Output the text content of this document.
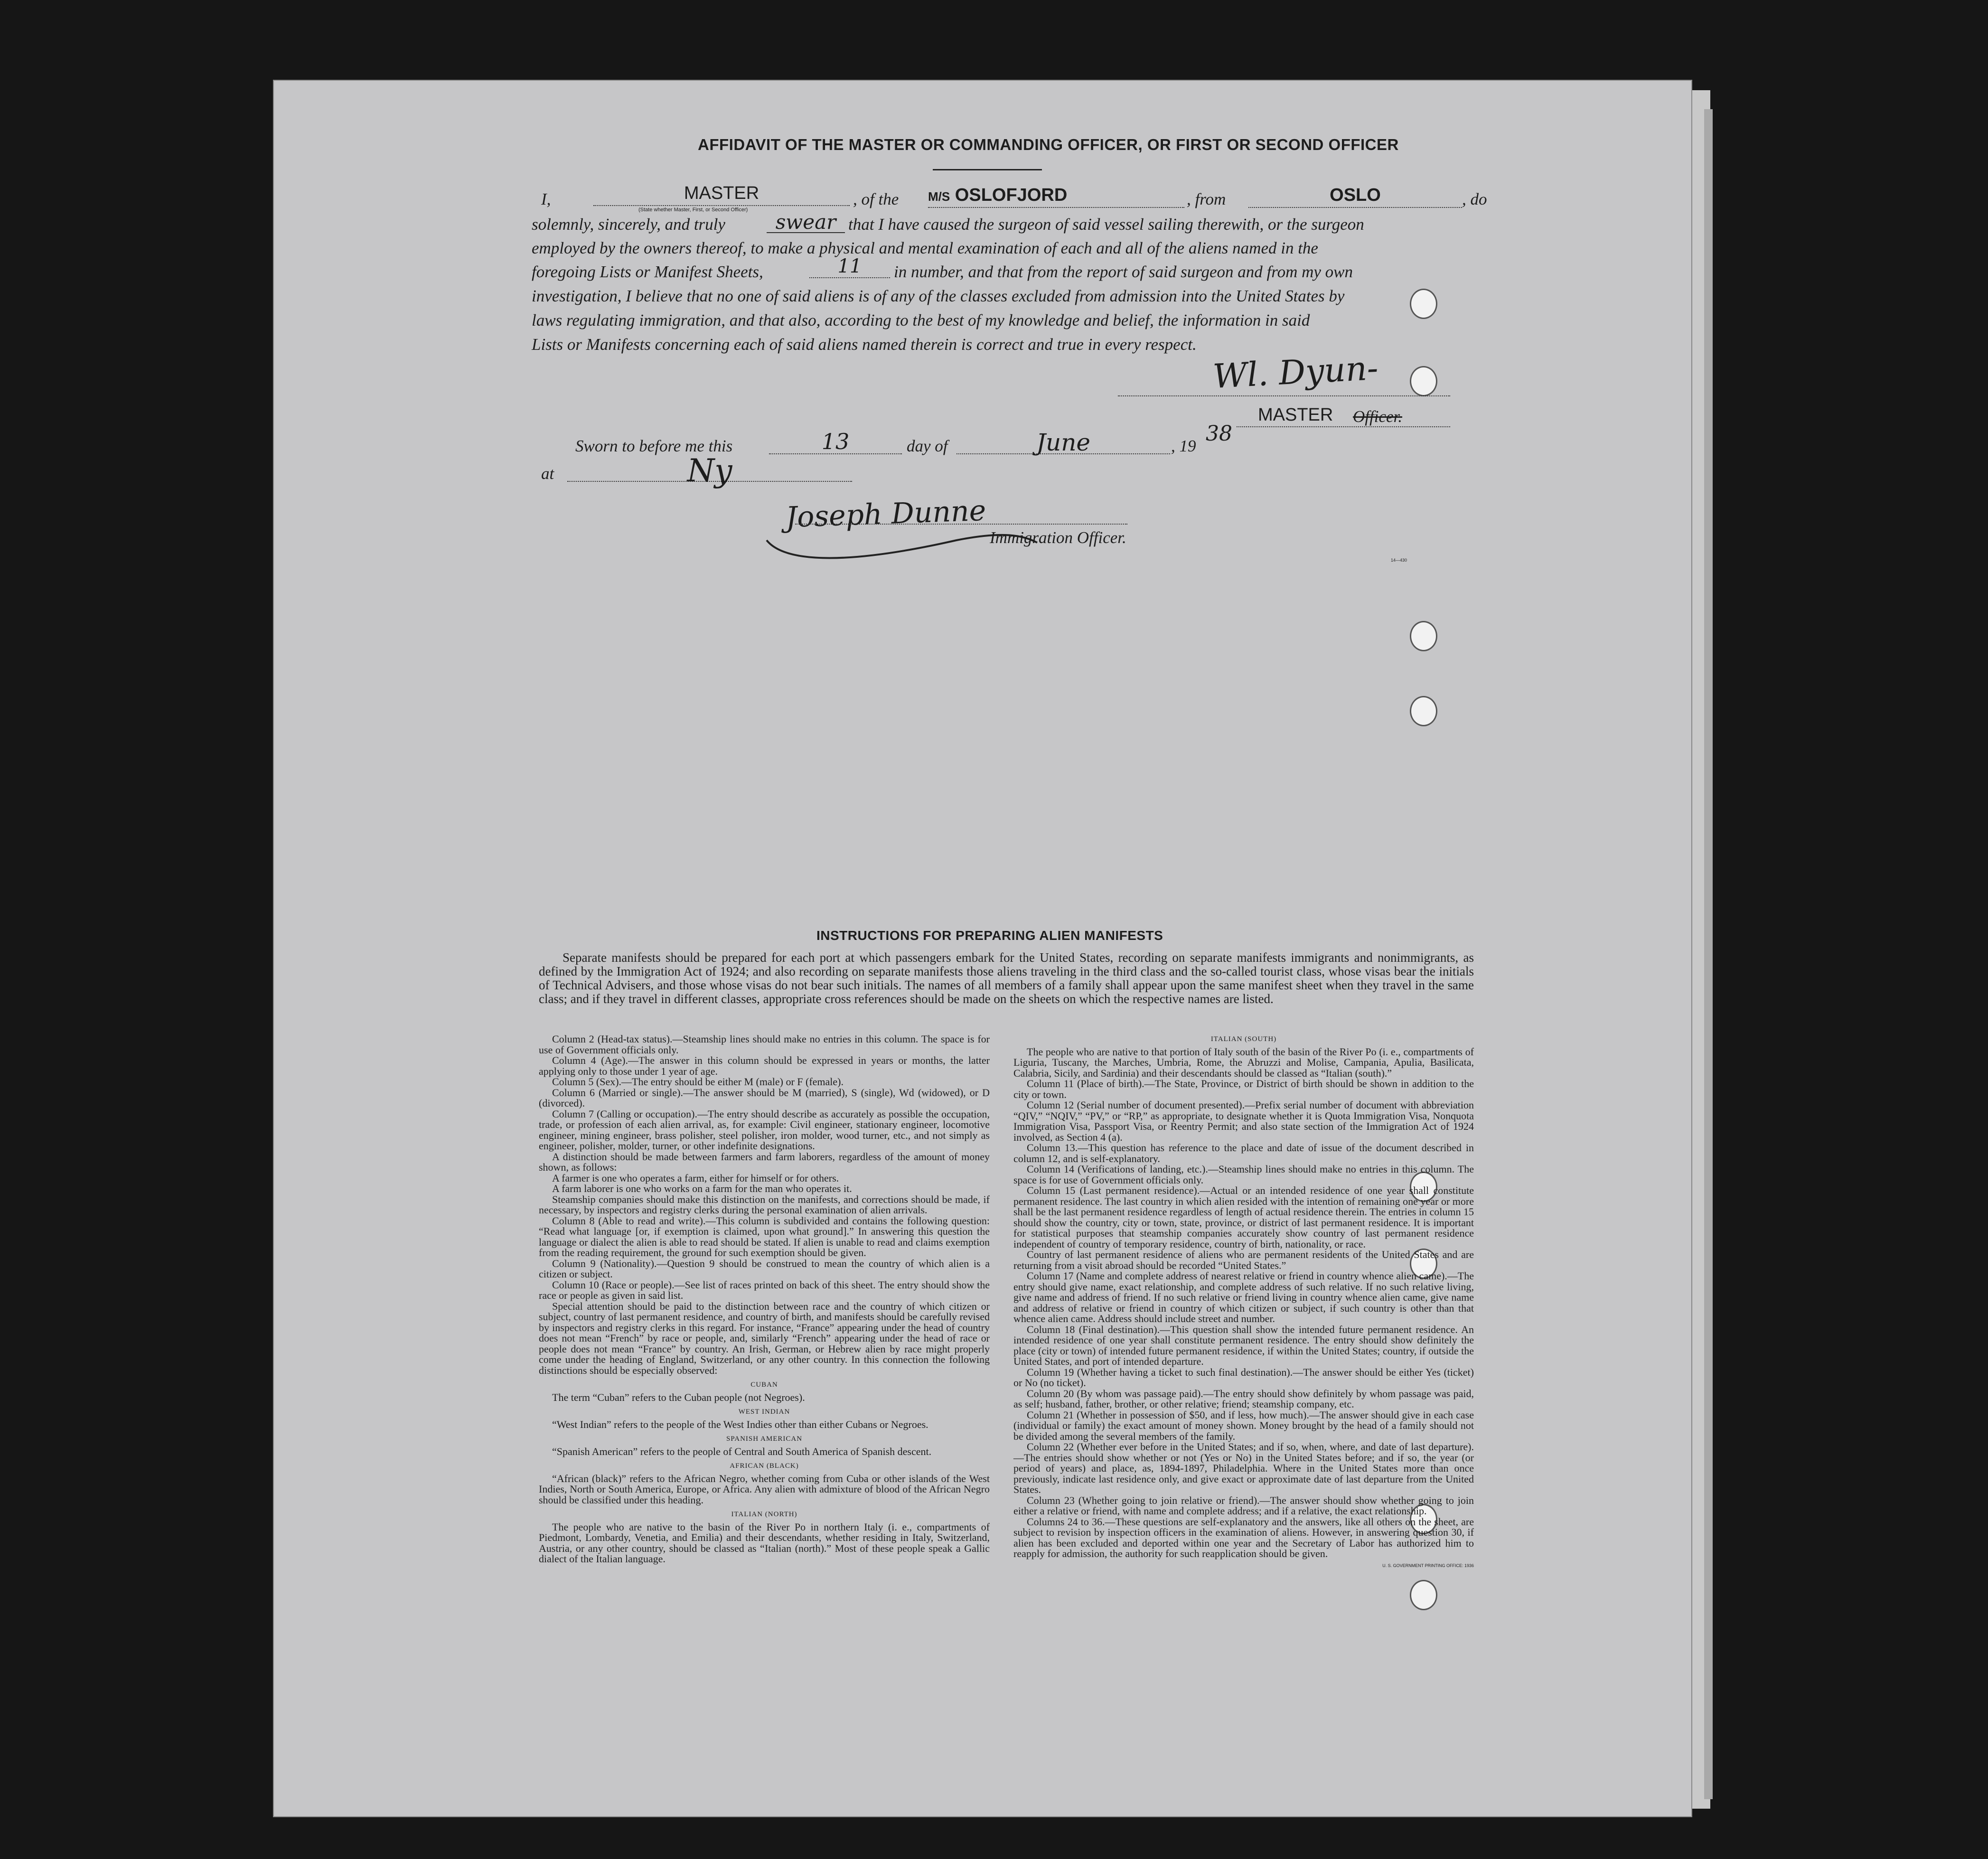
AFFIDAVIT OF THE MASTER OR COMMANDING OFFICER, OR FIRST OR SECOND OFFICER
I,	MASTER
(State whether Master, First, or Second Officer)
, of the M/S OSLOFJORD	, from	OSLO	, do
solemnly, sincerely, and truly	swear that I have caused the surgeon of said vessel sailing therewith, or the surgeon
employed by the owners thereof, to make a physical and mental examination of each and all of the aliens named in the
foregoing Lists or Manifest Sheets,	11	in number, and that from the report of said surgeon and from my own
investigation, I believe that no one of said aliens is of any of the classes excluded from admission into the United States by
laws regulating immigration, and that also, according to the best of my knowledge and belief, the information in said
Lists or Manifests concerning each of said aliens named therein is correct and true in every respect.
Wl. Dyun-
MASTER Officer.
Sworn to before me this	13	day of	June	, 19
38
at	Ny
Joseph Dunne
Immigration Officer.
14—430
INSTRUCTIONS FOR PREPARING ALIEN MANIFESTS
Separate manifests should be prepared for each port at which passengers embark for the United States, recording on separate manifests immigrants and nonimmigrants, as defined by the Immigration Act of 1924; and also recording on separate manifests those aliens traveling in the third class and the so-called tourist class, whose visas bear the initials of Technical Advisers, and those whose visas do not bear such initials. The names of all members of a family shall appear upon the same manifest sheet when they travel in the same class; and if they travel in different classes, appropriate cross references should be made on the sheets on which the respective names are listed.

Column 2 (Head-tax status).—Steamship lines should make no entries in this column. The space is for use of Government officials only.

Column 4 (Age).—The answer in this column should be expressed in years or months, the latter applying only to those under 1 year of age.

Column 5 (Sex).—The entry should be either M (male) or F (female).

Column 6 (Married or single).—The answer should be M (married), S (single), Wd (widowed), or D (divorced).

Column 7 (Calling or occupation).—The entry should describe as accurately as possible the occupation, trade, or profession of each alien arrival, as, for example: Civil engineer, stationary engineer, locomotive engineer, mining engineer, brass polisher, steel polisher, iron molder, wood turner, etc., and not simply as engineer, polisher, molder, turner, or other indefinite designations.

A distinction should be made between farmers and farm laborers, regardless of the amount of money shown, as follows:

A farmer is one who operates a farm, either for himself or for others.

A farm laborer is one who works on a farm for the man who operates it.

Steamship companies should make this distinction on the manifests, and corrections should be made, if necessary, by inspectors and registry clerks during the personal examination of alien arrivals.

Column 8 (Able to read and write).—This column is subdivided and contains the following question: “Read what language [or, if exemption is claimed, upon what ground].” In answering this question the language or dialect the alien is able to read should be stated. If alien is unable to read and claims exemption from the reading requirement, the ground for such exemption should be given.

Column 9 (Nationality).—Question 9 should be construed to mean the country of which alien is a citizen or subject.

Column 10 (Race or people).—See list of races printed on back of this sheet. The entry should show the race or people as given in said list.

Special attention should be paid to the distinction between race and the country of which citizen or subject, country of last permanent residence, and country of birth, and manifests should be carefully revised by inspectors and registry clerks in this regard. For instance, “France” appearing under the head of country does not mean “French” by race or people, and, similarly “French” appearing under the head of race or people does not mean “France” by country. An Irish, German, or Hebrew alien by race might properly come under the heading of England, Switzerland, or any other country. In this connection the following distinctions should be especially observed:

CUBAN

The term “Cuban” refers to the Cuban people (not Negroes).

WEST INDIAN

“West Indian” refers to the people of the West Indies other than either Cubans or Negroes.

SPANISH AMERICAN

“Spanish American” refers to the people of Central and South America of Spanish descent.

AFRICAN (BLACK)

“African (black)” refers to the African Negro, whether coming from Cuba or other islands of the West Indies, North or South America, Europe, or Africa. Any alien with admixture of blood of the African Negro should be classified under this heading.

ITALIAN (NORTH)

The people who are native to the basin of the River Po in northern Italy (i. e., compartments of Piedmont, Lombardy, Venetia, and Emilia) and their descendants, whether residing in Italy, Switzerland, Austria, or any other country, should be classed as “Italian (north).” Most of these people speak a Gallic dialect of the Italian language.

ITALIAN (SOUTH)

The people who are native to that portion of Italy south of the basin of the River Po (i. e., compartments of Liguria, Tuscany, the Marches, Umbria, Rome, the Abruzzi and Molise, Campania, Apulia, Basilicata, Calabria, Sicily, and Sardinia) and their descendants should be classed as “Italian (south).”

Column 11 (Place of birth).—The State, Province, or District of birth should be shown in addition to the city or town.

Column 12 (Serial number of document presented).—Prefix serial number of document with abbreviation “QIV,” “NQIV,” “PV,” or “RP,” as appropriate, to designate whether it is Quota Immigration Visa, Nonquota Immigration Visa, Passport Visa, or Reentry Permit; and also state section of the Immigration Act of 1924 involved, as Section 4 (a).

Column 13.—This question has reference to the place and date of issue of the document described in column 12, and is self-explanatory.

Column 14 (Verifications of landing, etc.).—Steamship lines should make no entries in this column. The space is for use of Government officials only.

Column 15 (Last permanent residence).—Actual or an intended residence of one year shall constitute permanent residence. The last country in which alien resided with the intention of remaining one year or more shall be the last permanent residence regardless of length of actual residence therein. The entries in column 15 should show the country, city or town, state, province, or district of last permanent residence. It is important for statistical purposes that steamship companies accurately show country of last permanent residence independent of country of temporary residence, country of birth, nationality, or race.

Country of last permanent residence of aliens who are permanent residents of the United States and are returning from a visit abroad should be recorded “United States.”

Column 17 (Name and complete address of nearest relative or friend in country whence alien came).—The entry should give name, exact relationship, and complete address of such relative. If no such relative living, give name and address of friend. If no such relative or friend living in country whence alien came, give name and address of relative or friend in country of which citizen or subject, if such country is other than that whence alien came. Address should include street and number.

Column 18 (Final destination).—This question shall show the intended future permanent residence. An intended residence of one year shall constitute permanent residence. The entry should show definitely the place (city or town) of intended future permanent residence, if within the United States; country, if outside the United States, and port of intended departure.

Column 19 (Whether having a ticket to such final destination).—The answer should be either Yes (ticket) or No (no ticket).

Column 20 (By whom was passage paid).—The entry should show definitely by whom passage was paid, as self; husband, father, brother, or other relative; friend; steamship company, etc.

Column 21 (Whether in possession of $50, and if less, how much).—The answer should give in each case (individual or family) the exact amount of money shown. Money brought by the head of a family should not be divided among the several members of the family.

Column 22 (Whether ever before in the United States; and if so, when, where, and date of last departure).—The entries should show whether or not (Yes or No) in the United States before; and if so, the year (or period of years) and place, as, 1894-1897, Philadelphia. Where in the United States more than once previously, indicate last residence only, and give exact or approximate date of last departure from the United States.

Column 23 (Whether going to join relative or friend).—The answer should show whether going to join either a relative or friend, with name and complete address; and if a relative, the exact relationship.

Columns 24 to 36.—These questions are self-explanatory and the answers, like all others on the sheet, are subject to revision by inspection officers in the examination of aliens. However, in answering question 30, if alien has been excluded and deported within one year and the Secretary of Labor has authorized him to reapply for admission, the authority for such reapplication should be given.

U. S. GOVERNMENT PRINTING OFFICE: 1936
